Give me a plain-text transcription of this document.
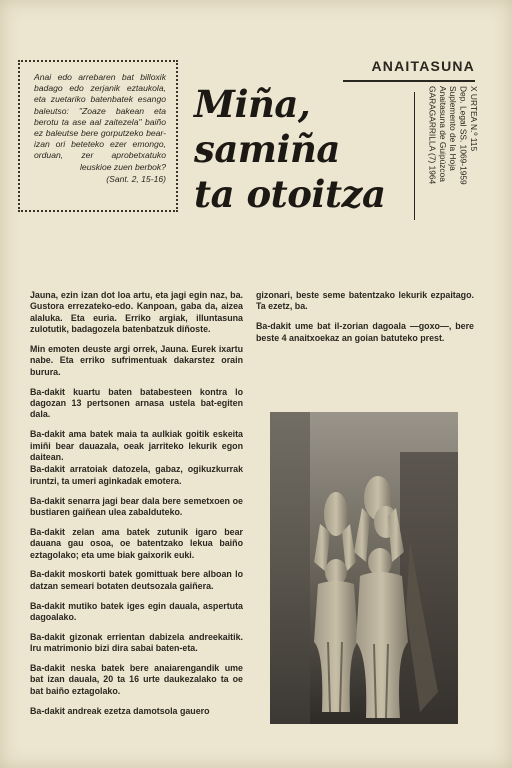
Anai edo arrebaren bat billoxik badago edo zerjanik eztaukola, eta zuetariko batenbatek esango baleutso: "Zoaze bakean eta berotu ta ase aal zaitezela" baiño ez baleutse bere gorputzeko bear-izan ori beteteko ezer emongo, orduan, zer aprobetxatuko leuskioe zuen berbok?
(Sant. 2, 15-16)
ANAITASUNA
X URTEA N.º 115
Dep. Legal SS. 1069-1959
Suplemento de la Hoja
Anaitasuna de Guipúzcoa
GARAGARRILLA (7) 1964
Miña,
samiña
ta otoitza

Jauna, ezin izan dot loa artu, eta jagi egin naz, ba. Gustora errezateko-edo. Kanpoan, gaba da, aizea alaluka. Eta euria. Erriko argiak, illuntasuna zulotutik, badagozela batenbatzuk diñoste.

Min emoten deuste argi orrek, Jauna. Eurek ixartu nabe. Eta erriko sufrimentuak dakarstez orain burura.

Ba-dakit kuartu baten batabesteen kontra lo dagozan 13 pertsonen arnasa ustela bat-egiten dala.

Ba-dakit ama batek maia ta aulkiak goitik eskeita imiñi bear dauazala, oeak jarriteko lekurik egon daitean.

Ba-dakit arratoiak datozela, gabaz, ogikuzkurrak iruntzi, ta umeri aginkadak emotera.

Ba-dakit senarra jagi bear dala bere semetxoen oe bustiaren gaiñean ulea zabalduteko.

Ba-dakit zelan ama batek zutunik igaro bear dauana gau osoa, oe batentzako lekua baiño eztagolako; eta ume biak gaixorik euki.

Ba-dakit moskorti batek gomittuak bere alboan lo datzan semeari botaten deutsozala gaiñera.

Ba-dakit mutiko batek iges egin dauala, aspertuta dagoalako.

Ba-dakit gizonak errientan dabizela andreekaitik. Iru matrimonio bizi dira sabai baten-eta.

Ba-dakit neska batek bere anaiarengandik ume bat izan dauala, 20 ta 16 urte daukezalako ta oe bat baiño eztagolako.

Ba-dakit andreak ezetza damotsola gauero

gizonari, beste seme batentzako lekurik ezpaitago. Ta ezetz, ba.

Ba-dakit ume bat il-zorian dagoala —goxo—, bere beste 4 anaitxoekaz an goian batuteko prest.
